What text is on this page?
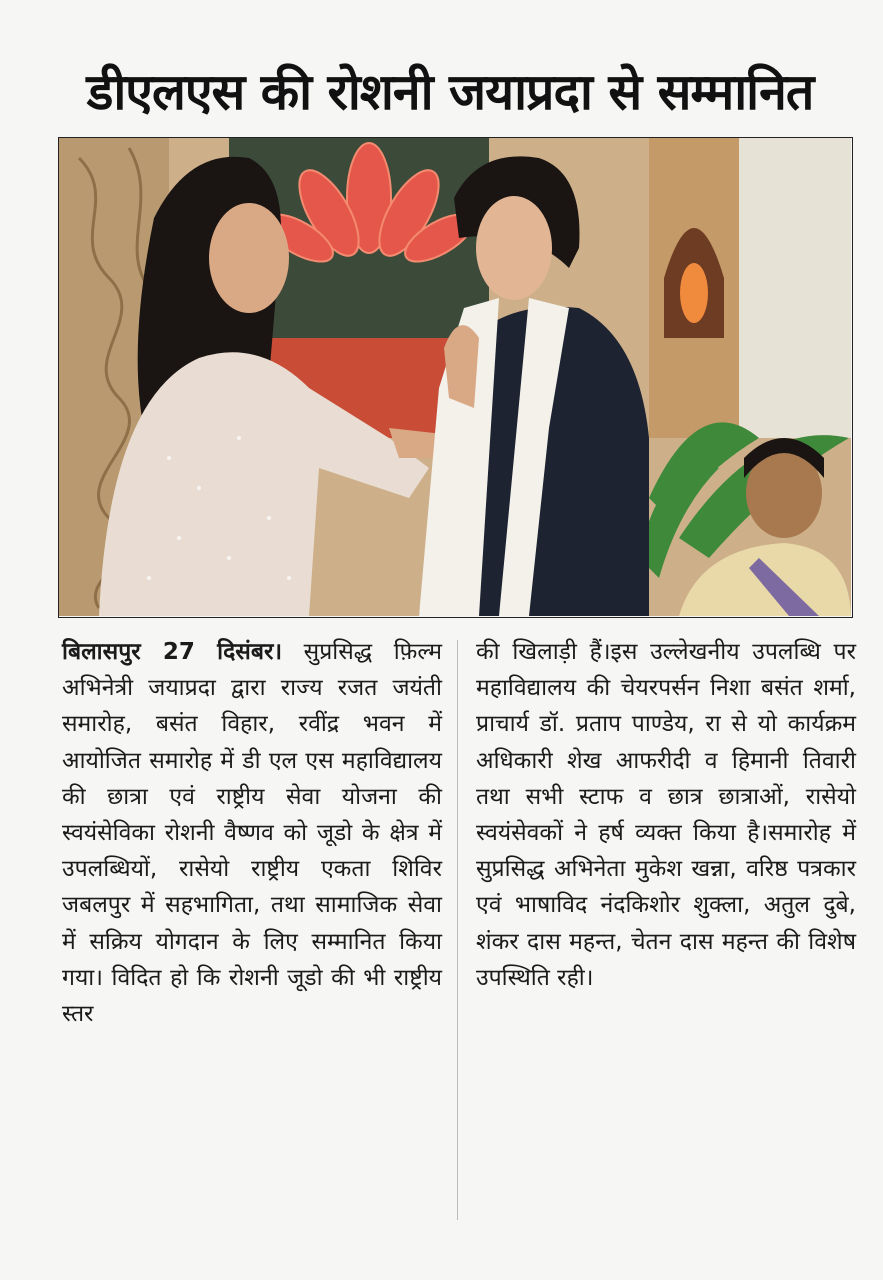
डीएलएस की रोशनी जयाप्रदा से सम्मानित
बिलासपुर 27 दिसंबर। सुप्रसिद्ध फ़िल्म अभिनेत्री जयाप्रदा द्वारा राज्य रजत जयंती समारोह, बसंत विहार, रवींद्र भवन में आयोजित समारोह में डी एल एस महाविद्यालय की छात्रा एवं राष्ट्रीय सेवा योजना की स्वयंसेविका रोशनी वैष्णव को जूडो के क्षेत्र में उपलब्धियों, रासेयो राष्ट्रीय एकता शिविर जबलपुर में सहभागिता, तथा सामाजिक सेवा में सक्रिय योगदान के लिए सम्मानित किया गया। विदित हो कि रोशनी जूडो की भी राष्ट्रीय स्तर
की खिलाड़ी हैं।इस उल्लेखनीय उपलब्धि पर महाविद्यालय की चेयरपर्सन निशा बसंत शर्मा, प्राचार्य डॉ. प्रताप पाण्डेय, रा से यो कार्यक्रम अधिकारी शेख आफरीदी व हिमानी तिवारी तथा सभी स्टाफ व छात्र छात्राओं, रासेयो स्वयंसेवकों ने हर्ष व्यक्त किया है।समारोह में सुप्रसिद्ध अभिनेता मुकेश खन्ना, वरिष्ठ पत्रकार एवं भाषाविद नंदकिशोर शुक्ला, अतुल दुबे, शंकर दास महन्त, चेतन दास महन्त की विशेष उपस्थिति रही।
